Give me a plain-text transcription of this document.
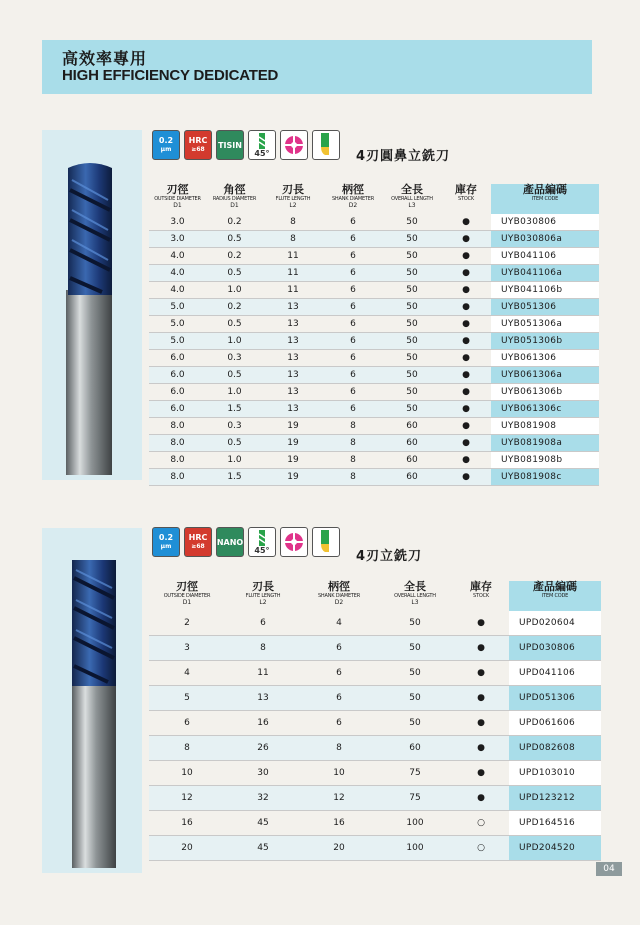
高效率專用
HIGH EFFICIENCY DEDICATED
0.2
μm
HRC
≥68 TISIN
45°	4刃圓鼻立銑刀
刃徑
OUTSIDE DIAMETER
D1	角徑
RADIUS DIAMETER
D1	刃長
FLUTE LENGTH
L2	柄徑
SHANK DIAMETER
D2	全長
OVERALL LENGTH
L3	庫存
STOCK	產品編碼
ITEM CODE

3.0	0.2	8	6	50	●	UYB030806
3.0	0.5	8	6	50	●	UYB030806a
4.0	0.2	11	6	50	●	UYB041106
4.0	0.5	11	6	50	●	UYB041106a
4.0	1.0	11	6	50	●	UYB041106b
5.0	0.2	13	6	50	●	UYB051306
5.0	0.5	13	6	50	●	UYB051306a
5.0	1.0	13	6	50	●	UYB051306b
6.0	0.3	13	6	50	●	UYB061306
6.0	0.5	13	6	50	●	UYB061306a
6.0	1.0	13	6	50	●	UYB061306b
6.0	1.5	13	6	50	●	UYB061306c
8.0	0.3	19	8	60	●	UYB081908
8.0	0.5	19	8	60	●	UYB081908a
8.0	1.0	19	8	60	●	UYB081908b
8.0	1.5	19	8	60	●	UYB081908c
0.2
μm
HRC
≥68 NANO
45°	4刃立銑刀
刃徑
OUTSIDE DIAMETER
D1	刃長
FLUTE LENGTH
L2	柄徑
SHANK DIAMETER
D2	全長
OVERALL LENGTH
L3	庫存
STOCK	產品編碼
ITEM CODE

2	6	4	50	●	UPD020604
3	8	6	50	●	UPD030806
4	11	6	50	●	UPD041106
5	13	6	50	●	UPD051306
6	16	6	50	●	UPD061606
8	26	8	60	●	UPD082608
10	30	10	75	●	UPD103010
12	32	12	75	●	UPD123212
16	45	16	100	○	UPD164516
20	45	20	100	○	UPD204520
04
